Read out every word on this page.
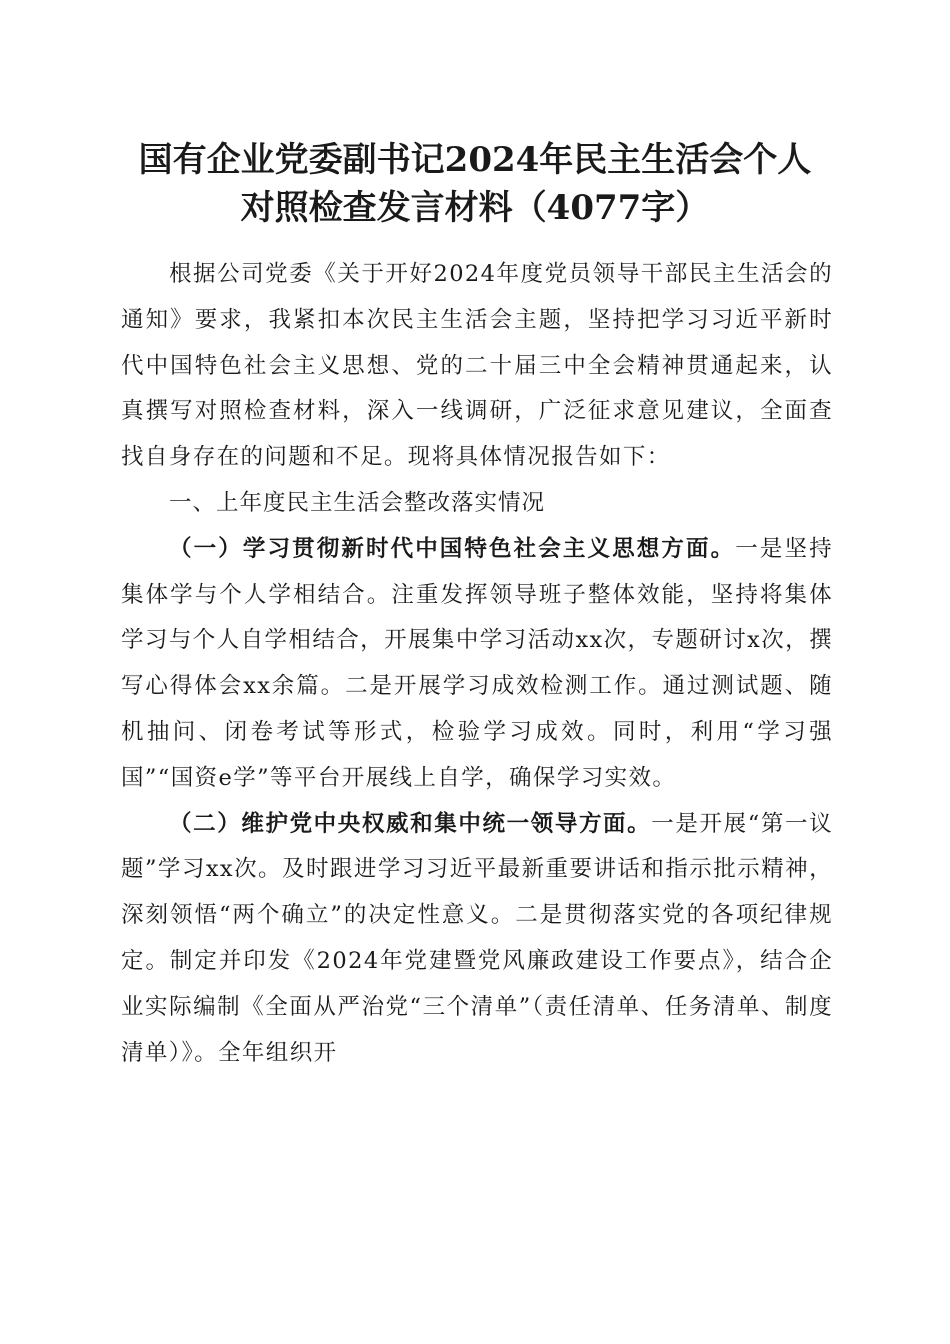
国有企业党委副书记2024年民主生活会个人
对照检查发言材料（4077字）

根据公司党委《关于开好2024年度党员领导干部民主生活会的通知》要求，我紧扣本次民主生活会主题，坚持把学习习近平新时代中国特色社会主义思想、党的二十届三中全会精神贯通起来，认真撰写对照检查材料，深入一线调研，广泛征求意见建议，全面查找自身存在的问题和不足。现将具体情况报告如下：

一、上年度民主生活会整改落实情况

（一）学习贯彻新时代中国特色社会主义思想方面。一是坚持集体学与个人学相结合。注重发挥领导班子整体效能，坚持将集体学习与个人自学相结合，开展集中学习活动xx次，专题研讨x次，撰写心得体会xx余篇。二是开展学习成效检测工作。通过测试题、随机抽问、闭卷考试等形式，检验学习成效。同时，利用“学习强国”“国资e学”等平台开展线上自学，确保学习实效。

（二）维护党中央权威和集中统一领导方面。一是开展“第一议题”学习xx次。及时跟进学习习近平最新重要讲话和指示批示精神，深刻领悟“两个确立”的决定性意义。二是贯彻落实党的各项纪律规定。制定并印发《2024年党建暨党风廉政建设工作要点》，结合企业实际编制《全面从严治党“三个清单”（责任清单、任务清单、制度清单）》。全年组织开
